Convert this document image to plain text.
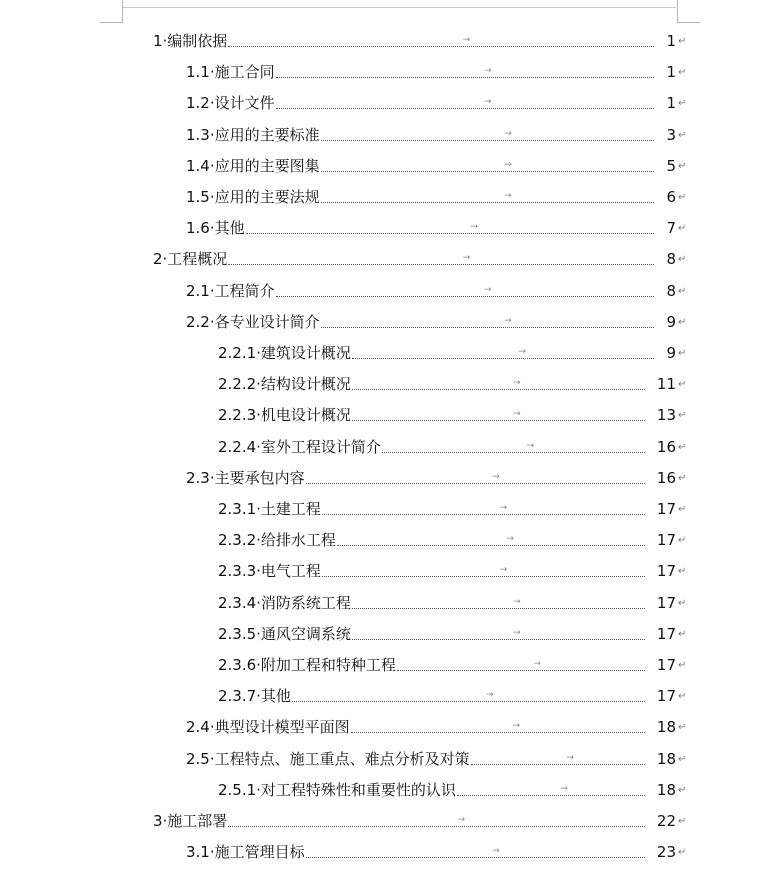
1·编制依据	1
→	↵
1.1·施工合同	1
→	↵
1.2·设计文件	1
→	↵
1.3·应用的主要标准	3
→	↵
1.4·应用的主要图集	5
→	↵
1.5·应用的主要法规	6
→	↵
1.6·其他	7
→	↵
2·工程概况	8
→	↵
2.1·工程简介	8
→	↵
2.2·各专业设计简介	9
→	↵
2.2.1·建筑设计概况	9
→	↵
2.2.2·结构设计概况	11
→	↵
2.2.3·机电设计概况	13
→	↵
2.2.4·室外工程设计简介	16
→	↵
2.3·主要承包内容	16
→	↵
2.3.1·土建工程	17
→	↵
2.3.2·给排水工程	17
→	↵
2.3.3·电气工程	17
→	↵
2.3.4·消防系统工程	17
→	↵
2.3.5·通风空调系统	17
→	↵
2.3.6·附加工程和特种工程	17
→	↵
2.3.7·其他	17
→	↵
2.4·典型设计模型平面图	18
→	↵
2.5·工程特点、施工重点、难点分析及对策	18
→	↵
2.5.1·对工程特殊性和重要性的认识	18
→	↵
3·施工部署	22
→	↵
3.1·施工管理目标	23
→	↵
